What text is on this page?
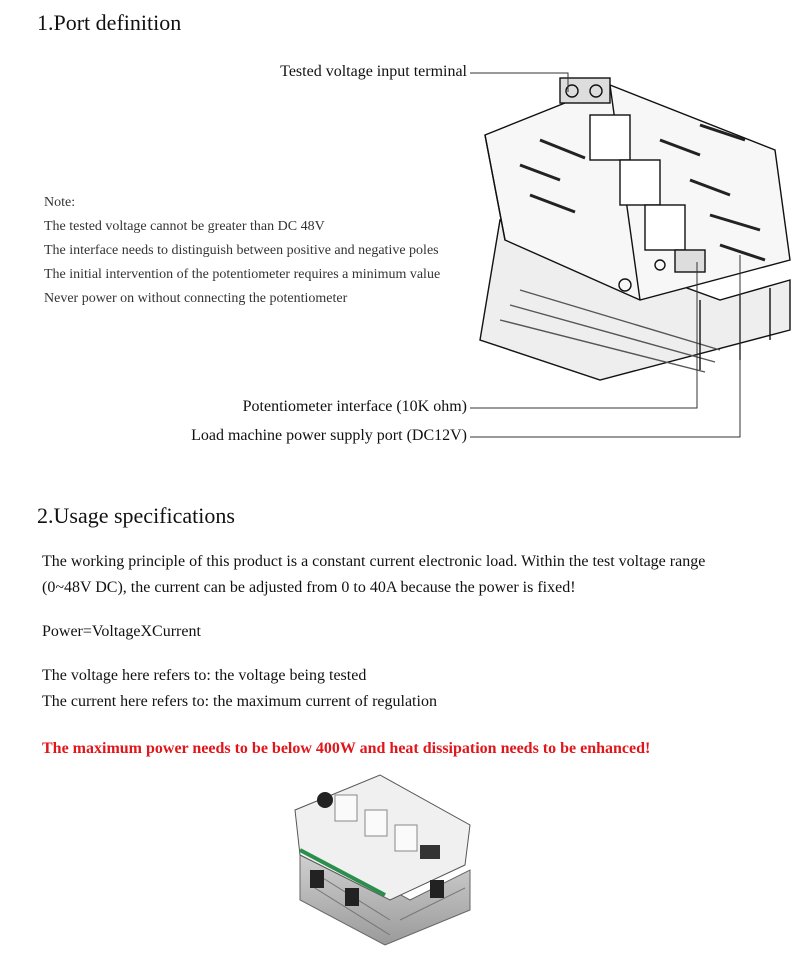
1.Port definition
Tested voltage input terminal
Note:
The tested voltage cannot be greater than DC 48V
The interface needs to distinguish between positive and negative poles
The initial intervention of the potentiometer requires a minimum value
Never power on without connecting the potentiometer
Potentiometer interface (10K ohm)
Load machine power supply port (DC12V)
2.Usage specifications
The working principle of this product is a constant current electronic load. Within the test voltage range
(0~48V DC), the current can be adjusted from 0 to 40A because the power is fixed!
Power=VoltageXCurrent
The voltage here refers to: the voltage being tested
The current here refers to: the maximum current of regulation
The maximum power needs to be below 400W and heat dissipation needs to be enhanced!
